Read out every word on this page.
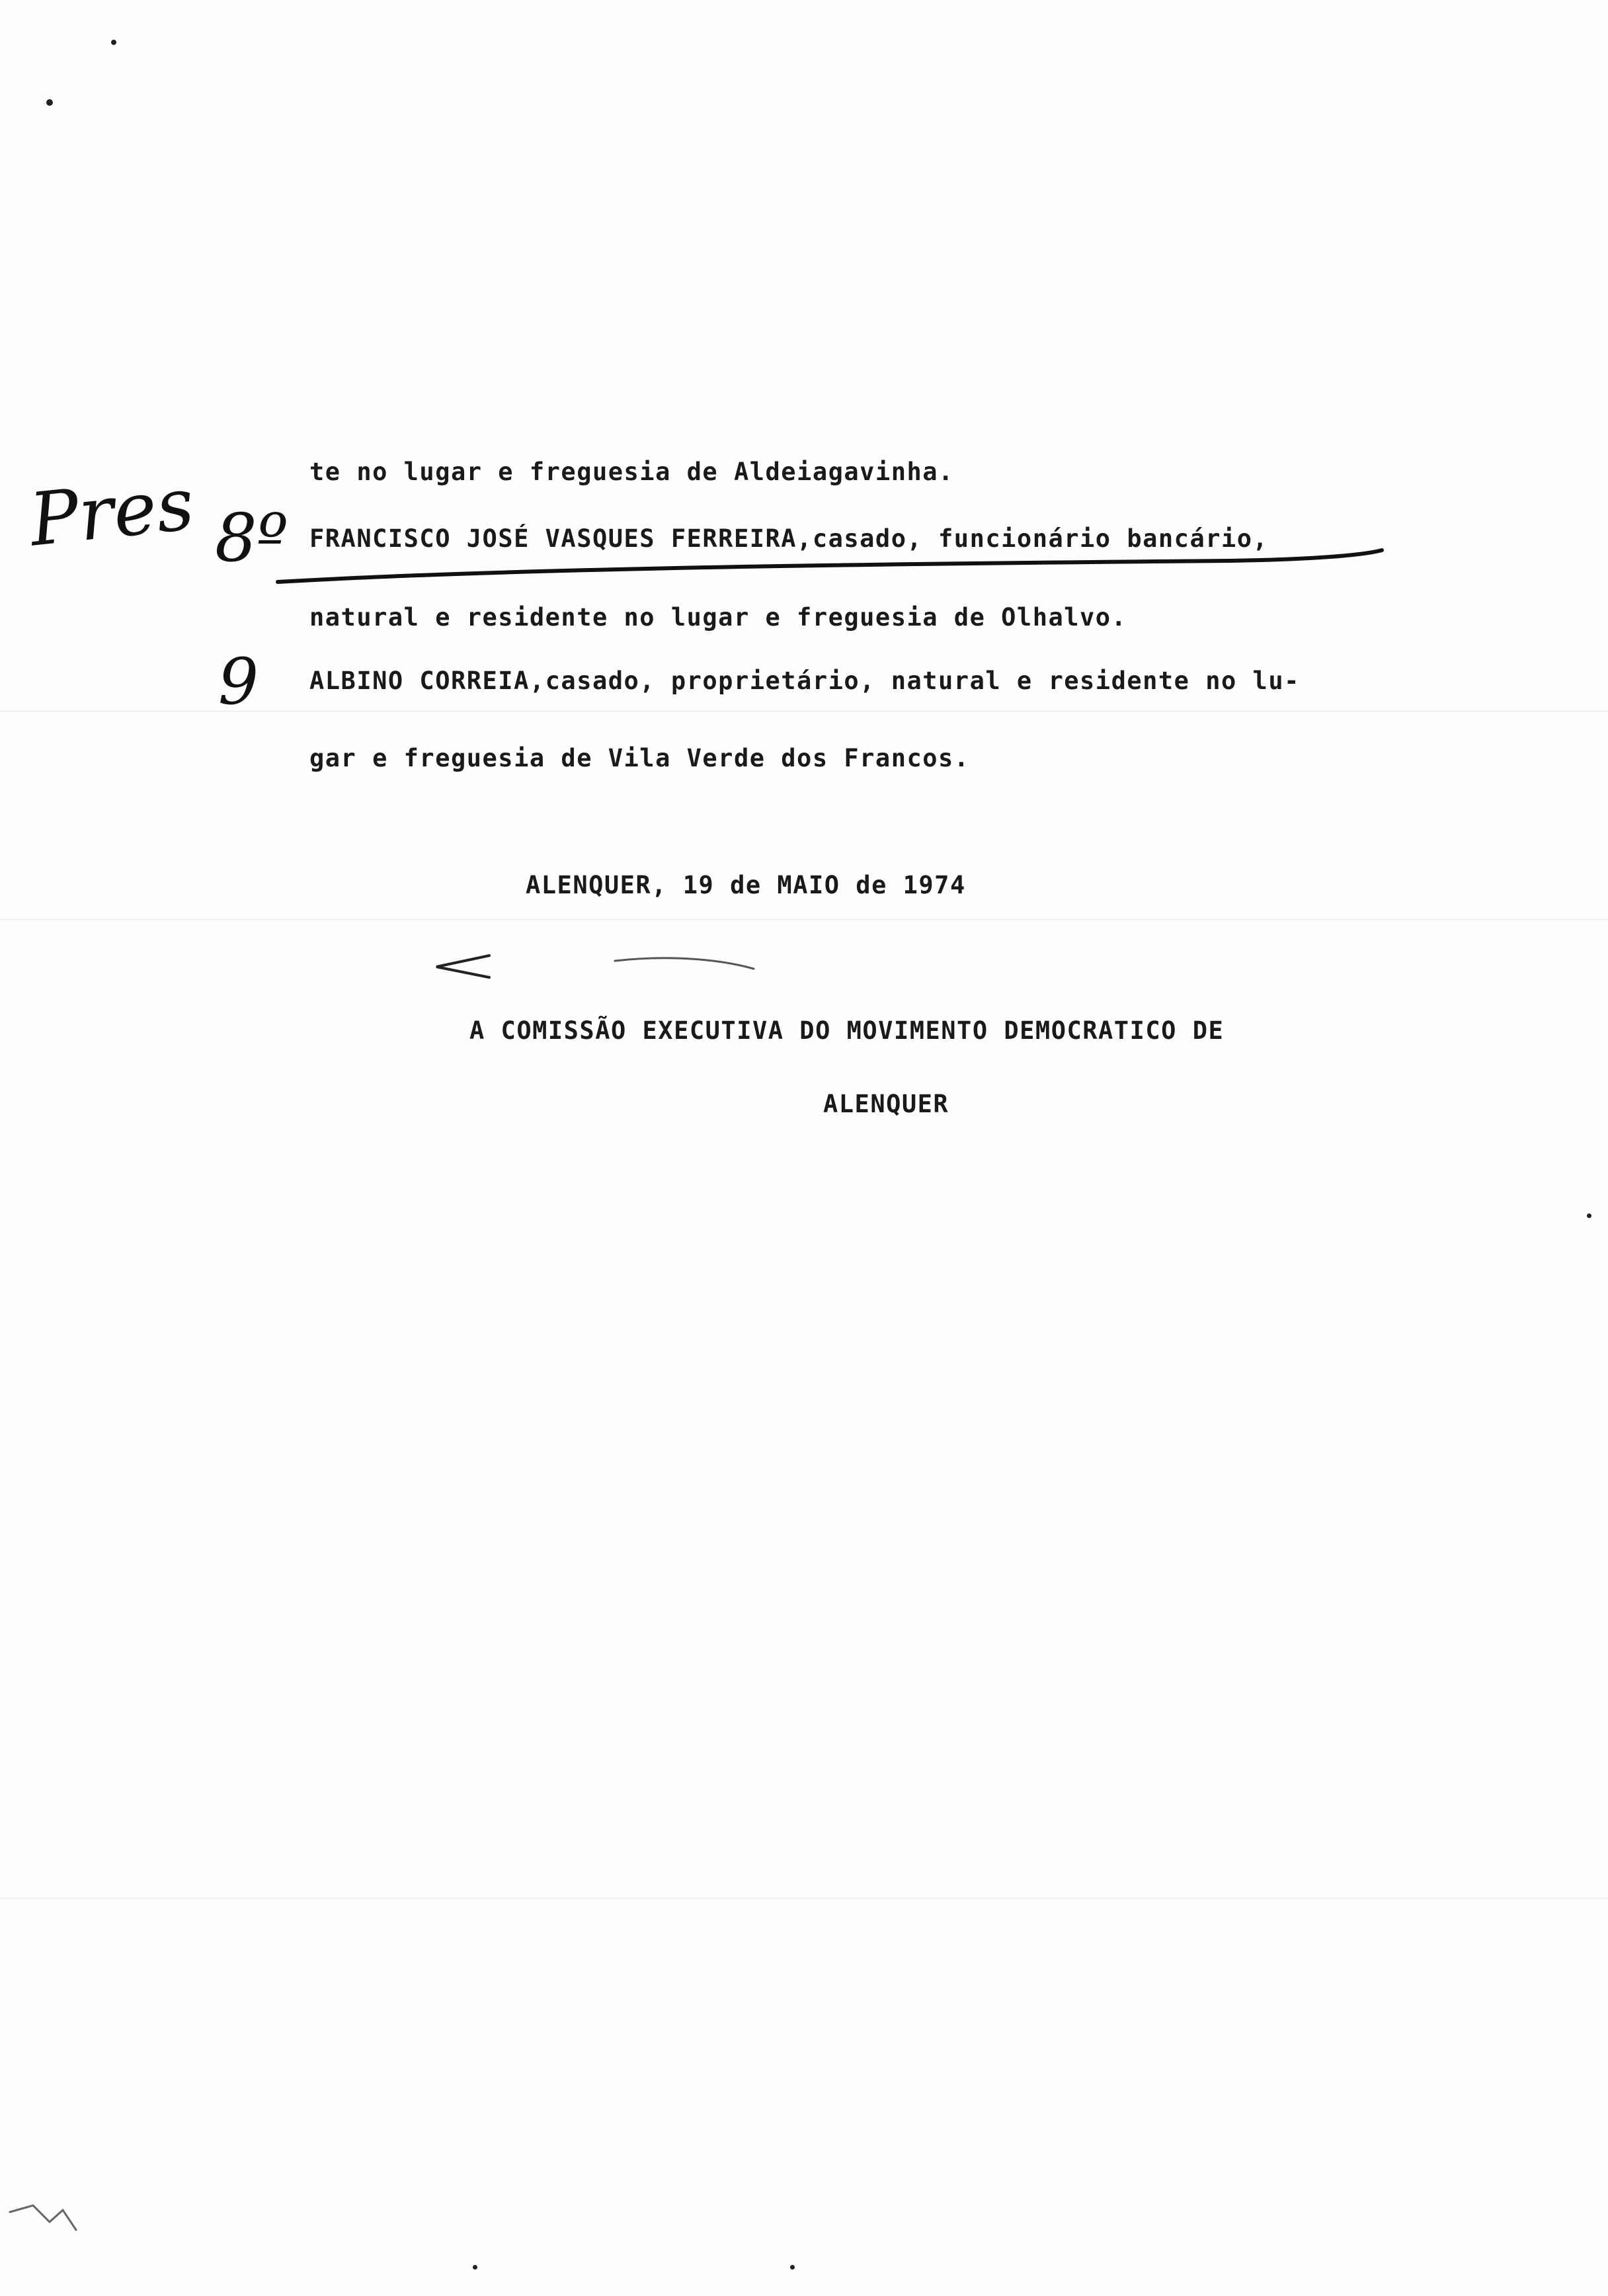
te no lugar e freguesia de Aldeiagavinha.
FRANCISCO JOSÉ VASQUES FERREIRA,casado, funcionário bancário,
natural e residente no lugar e freguesia de Olhalvo.
ALBINO CORREIA,casado, proprietário, natural e residente no lu-
gar e freguesia de Vila Verde dos Francos.
ALENQUER, 19 de MAIO de 1974
A COMISSÃO EXECUTIVA DO MOVIMENTO DEMOCRATICO DE
ALENQUER
Pres 8º
9
